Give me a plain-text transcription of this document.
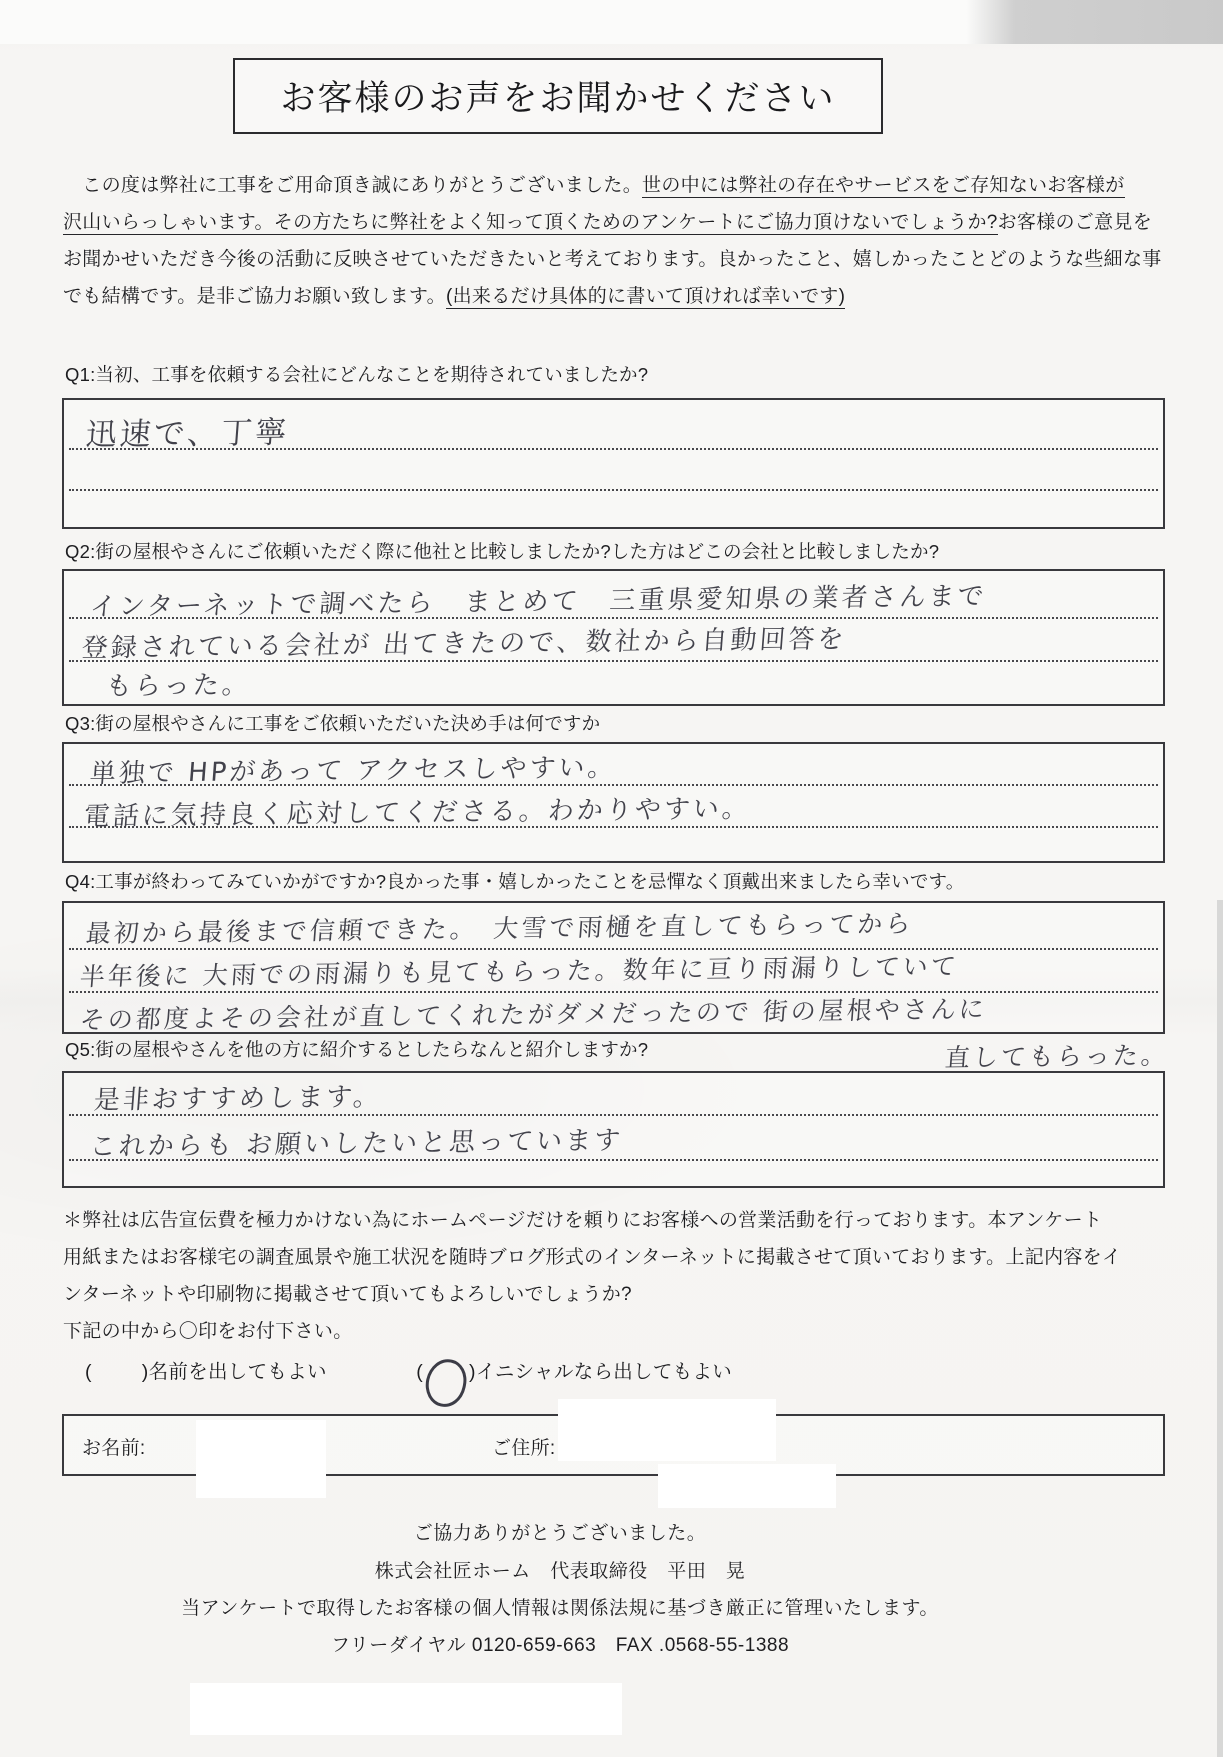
お客様のお声をお聞かせください
　この度は弊社に工事をご用命頂き誠にありがとうございました。世の中には弊社の存在やサービスをご存知ないお客様が
沢山いらっしゃいます。その方たちに弊社をよく知って頂くためのアンケートにご協力頂けないでしょうか?お客様のご意見を
お聞かせいただき今後の活動に反映させていただきたいと考えております。良かったこと、嬉しかったことどのような些細な事
でも結構です。是非ご協力お願い致します。(出来るだけ具体的に書いて頂ければ幸いです)
Q1:当初、工事を依頼する会社にどんなことを期待されていましたか?
迅速で、丁寧
Q2:街の屋根やさんにご依頼いただく際に他社と比較しましたか?した方はどこの会社と比較しましたか?
インターネットで調べたら　まとめて　三重県愛知県の業者さんまで
登録されている会社が 出てきたので、数社から自動回答を
もらった。
Q3:街の屋根やさんに工事をご依頼いただいた決め手は何ですか
単独で HPがあって アクセスしやすい。
電話に気持良く応対してくださる。わかりやすい。
Q4:工事が終わってみていかがですか?良かった事・嬉しかったことを忌憚なく頂戴出来ましたら幸いです。
最初から最後まで信頼できた。　大雪で雨樋を直してもらってから
半年後に 大雨での雨漏りも見てもらった。数年に亘り雨漏りしていて
その都度よその会社が直してくれたがダメだったので 街の屋根やさんに
直してもらった。
Q5:街の屋根やさんを他の方に紹介するとしたらなんと紹介しますか?
是非おすすめします。
これからも お願いしたいと思っています
＊弊社は広告宣伝費を極力かけない為にホームページだけを頼りにお客様への営業活動を行っております。本アンケート
用紙またはお客様宅の調査風景や施工状況を随時ブログ形式のインターネットに掲載させて頂いております。上記内容をイ
ンターネットや印刷物に掲載させて頂いてもよろしいでしょうか?
下記の中から〇印をお付下さい。
(	)名前を出してもよい	( )イニシャルなら出してもよい
お名前:	ご住所:
ご協力ありがとうございました。
株式会社匠ホーム　代表取締役　平田　晃
当アンケートで取得したお客様の個人情報は関係法規に基づき厳正に管理いたします。
フリーダイヤル 0120-659-663　FAX .0568-55-1388
